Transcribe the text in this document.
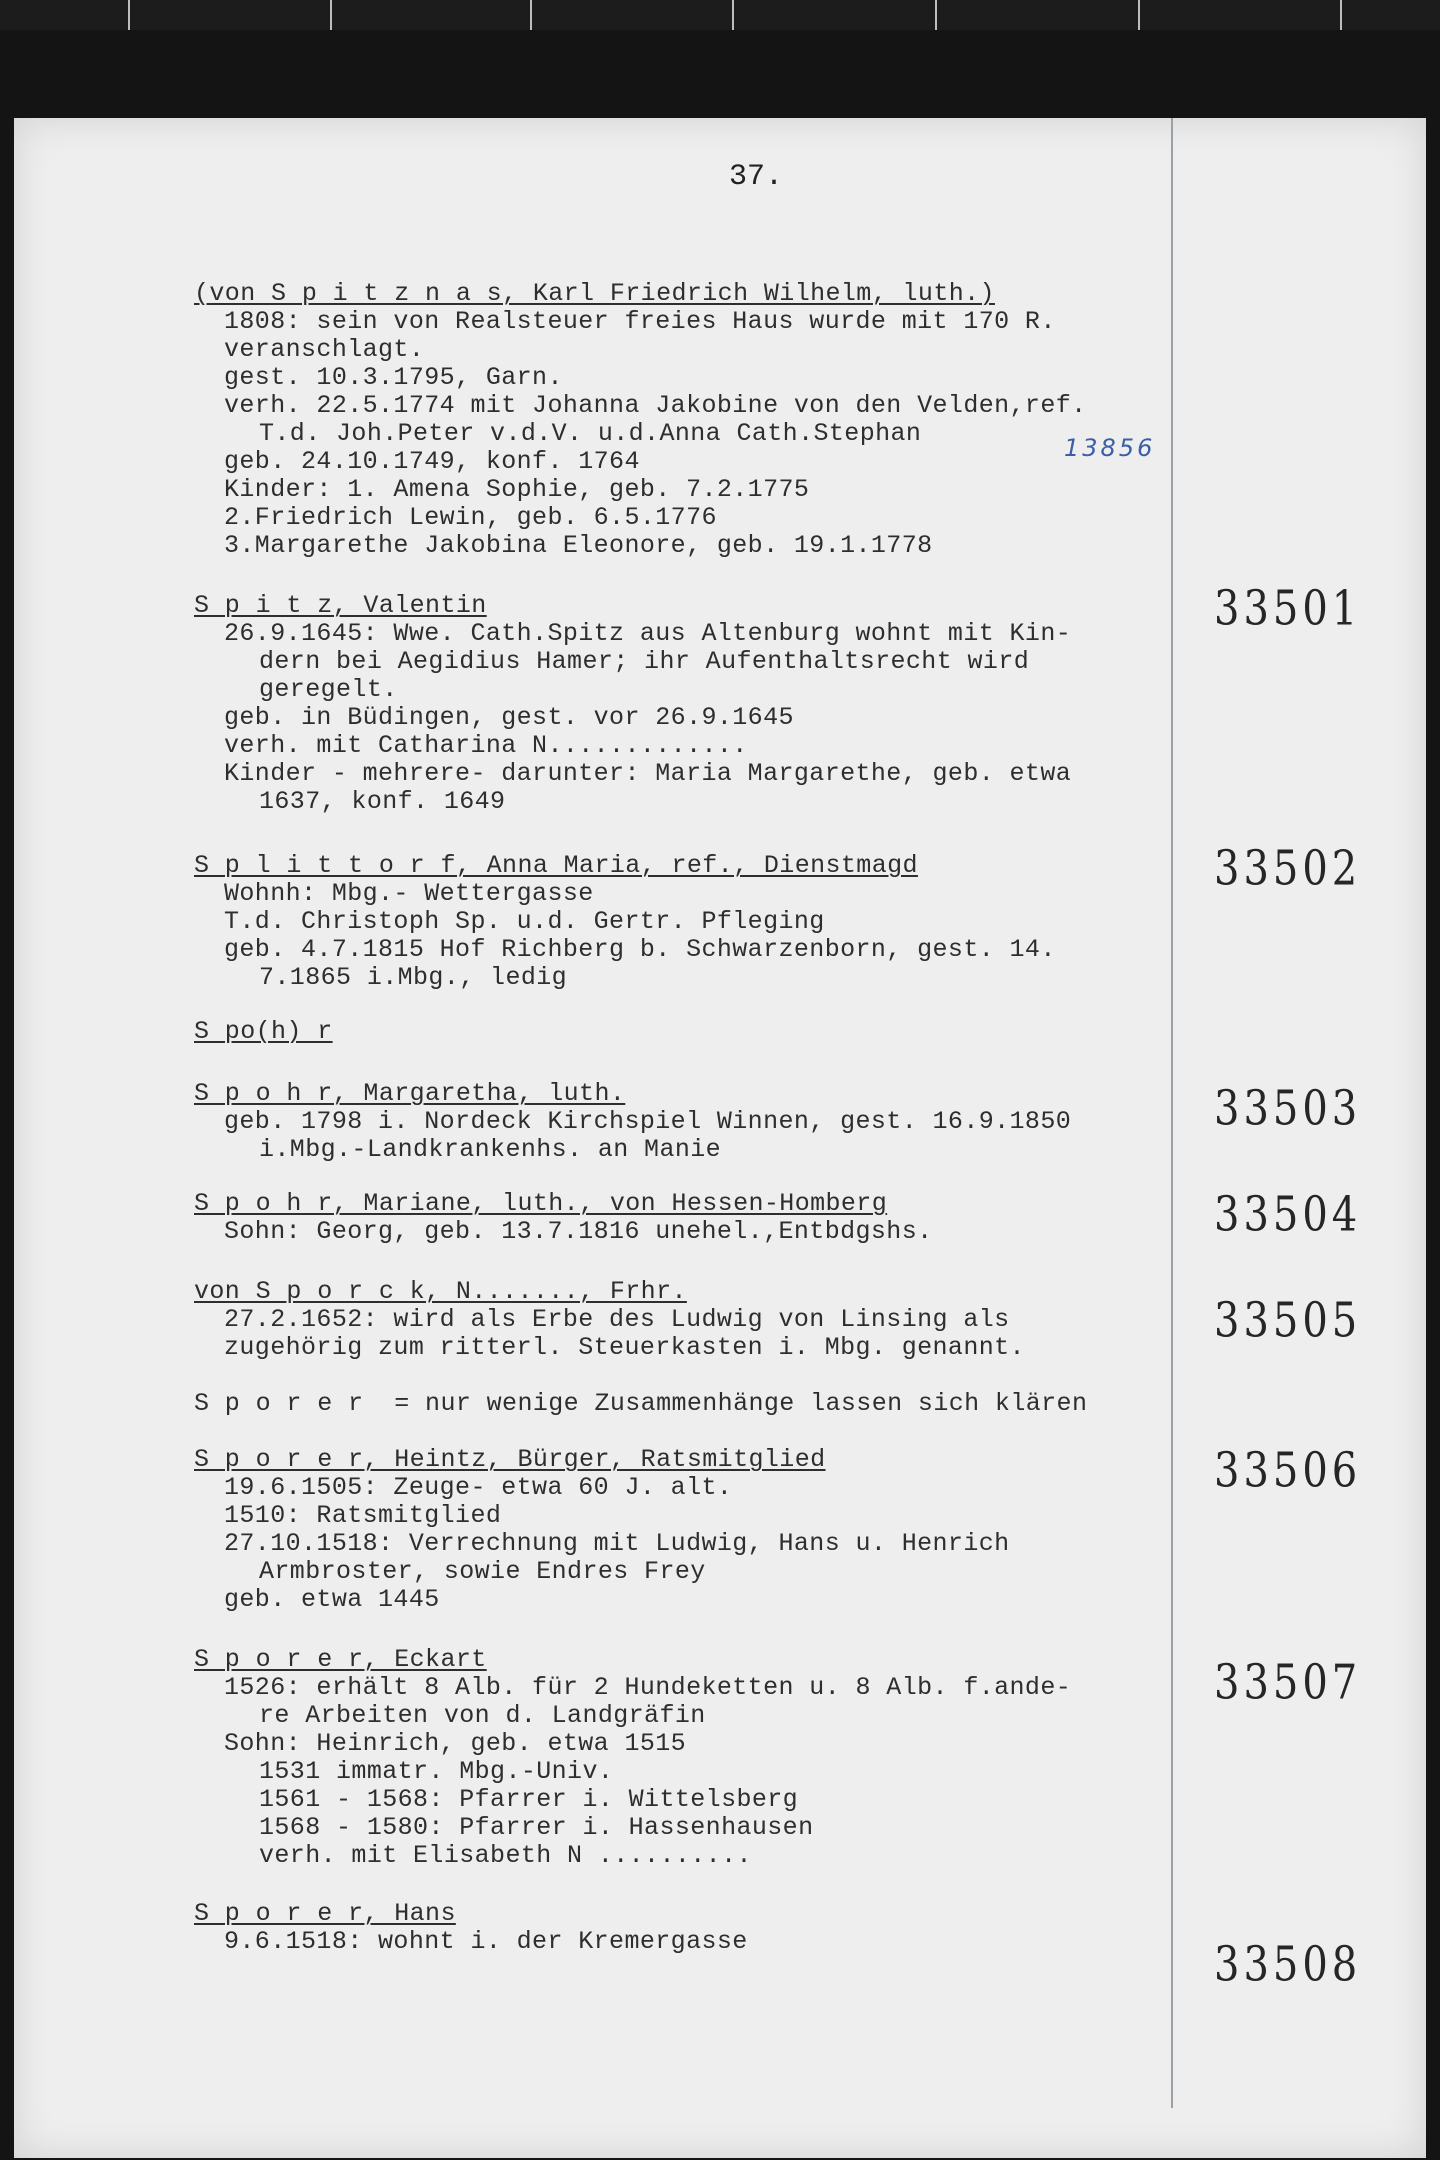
37.
13856
(von S p i t z n a s, Karl Friedrich Wilhelm, luth.)
1808: sein von Realsteuer freies Haus wurde mit 170 R.
veranschlagt.
gest. 10.3.1795, Garn.
verh. 22.5.1774 mit Johanna Jakobine von den Velden,ref.
T.d. Joh.Peter v.d.V. u.d.Anna Cath.Stephan
geb. 24.10.1749, konf. 1764
Kinder: 1. Amena Sophie, geb. 7.2.1775
2.Friedrich Lewin, geb. 6.5.1776
3.Margarethe Jakobina Eleonore, geb. 19.1.1778
33501
S p i t z, Valentin
26.9.1645: Wwe. Cath.Spitz aus Altenburg wohnt mit Kin-
dern bei Aegidius Hamer; ihr Aufenthaltsrecht wird
geregelt.
geb. in Büdingen, gest. vor 26.9.1645
verh. mit Catharina N.............
Kinder - mehrere- darunter: Maria Margarethe, geb. etwa
1637, konf. 1649
33502
S p l i t t o r f, Anna Maria, ref., Dienstmagd
Wohnh: Mbg.- Wettergasse
T.d. Christoph Sp. u.d. Gertr. Pfleging
geb. 4.7.1815 Hof Richberg b. Schwarzenborn, gest. 14.
7.1865 i.Mbg., ledig
S po(h) r
33503
S p o h r, Margaretha, luth.
geb. 1798 i. Nordeck Kirchspiel Winnen, gest. 16.9.1850
i.Mbg.-Landkrankenhs. an Manie
33504
S p o h r, Mariane, luth., von Hessen-Homberg
Sohn: Georg, geb. 13.7.1816 unehel.,Entbdgshs.
33505
von S p o r c k, N......., Frhr.
27.2.1652: wird als Erbe des Ludwig von Linsing als
zugehörig zum ritterl. Steuerkasten i. Mbg. genannt.
S p o r e r  = nur wenige Zusammenhänge lassen sich klären
33506
S p o r e r, Heintz, Bürger, Ratsmitglied
19.6.1505: Zeuge- etwa 60 J. alt.
1510: Ratsmitglied
27.10.1518: Verrechnung mit Ludwig, Hans u. Henrich
Armbroster, sowie Endres Frey
geb. etwa 1445
33507
S p o r e r, Eckart
1526: erhält 8 Alb. für 2 Hundeketten u. 8 Alb. f.ande-
re Arbeiten von d. Landgräfin
Sohn: Heinrich, geb. etwa 1515
1531 immatr. Mbg.-Univ.
1561 - 1568: Pfarrer i. Wittelsberg
1568 - 1580: Pfarrer i. Hassenhausen
verh. mit Elisabeth N ..........
33508
S p o r e r, Hans
9.6.1518: wohnt i. der Kremergasse
